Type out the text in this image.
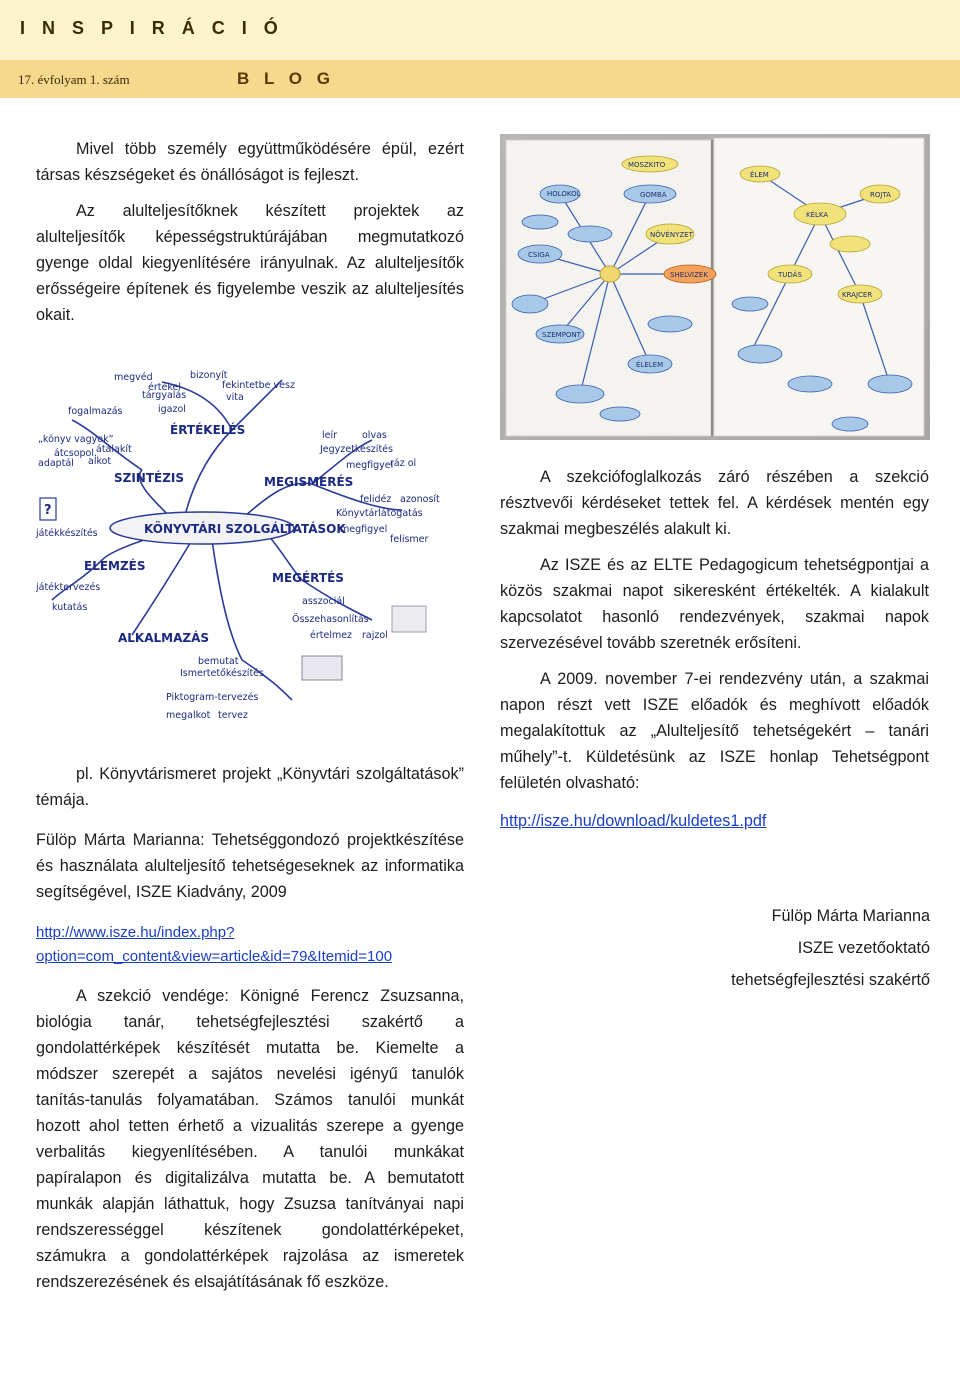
I N S P I R Á C I Ó
17. évfolyam 1. szám	B L O G

Mivel több személy együttműködésére épül, ezért társas készségeket és önállóságot is fejleszt.

Az alulteljesítőknek készített projektek az alulteljesítők képességstruktúrájában megmutatkozó gyenge oldal kiegyenlítésére irányulnak. Az alulteljesítők erősségeire építenek és figyelembe veszik az alulteljesítés okait.

KÖNYVTÁRI SZOLGÁLTATÁSOK
ÉRTÉKELÉS
SZINTÉZIS	MEGISMERÉS
ELEMZÉS
MEGÉRTÉS
ALKALMAZÁS
megvéd	bizonyít
értékel
tárgyalás
fekintetbe vesz
vita
igazol
fogalmazás
„könyv vagyok”
átalakít
átcsopol.
adaptál alkot
leír	olvas
Jegyzetkészítés
megfigyel
ráz ol
felidéz azonosít
Könyvtárlátogatás
megfigyel
felismer
játékkészítés
játéktervezés
kutatás
asszociál
Összehasonlítás
értelmez rajzol
bemutat
Ismertetőkészítés
Piktogram-tervezés
megalkot tervez
?

pl. Könyvtárismeret projekt „Könyvtári szolgáltatások” témája.

Fülöp Márta Marianna: Tehetséggondozó projektkészítése és használata alulteljesítő tehetségeseknek az informatika segítségével, ISZE Kiadvány, 2009

http://www.isze.hu/index.php?
option=com_content&view=article&id=79&Itemid=100

A szekció vendége: Königné Ferencz Zsuzsanna, biológia tanár, tehetségfejlesztési szakértő a gondolattérképek készítését mutatta be. Kiemelte a módszer szerepét a sajátos nevelési igényű tanulók tanítás-tanulás folyamatában. Számos tanulói munkát hozott ahol tetten érhető a vizualitás szerepe a gyenge verbalitás kiegyenlítésében. A tanulói munkákat papíralapon és digitalizálva mutatta be. A bemutatott munkák alapján láthattuk, hogy Zsuzsa tanítványai napi rendszerességgel készítenek gondolattérképeket, számukra a gondolattérképek rajzolása az ismeretek rendszerezésének és elsajátításának fő eszköze.

HOLOKOL
MOSZKITO
NÖVÉNYZET
GOMBA
CSIGA
SZEMPONT
ÉLELEM
SHELVIZEK
KÉLKA
ROJTA
ÉLEM
TUDÁS
KRAJCER

A szekciófoglalkozás záró részében a szekció résztvevői kérdéseket tettek fel. A kérdések mentén egy szakmai megbeszélés alakult ki.

Az ISZE és az ELTE Pedagogicum tehetségpontjai a közös szakmai napot sikeresként értékelték. A kialakult kapcsolatot hasonló rendezvények, szakmai napok szervezésével tovább szeretnék erősíteni.

A 2009. november 7-ei rendezvény után, a szakmai napon részt vett ISZE előadók és meghívott előadók megalakítottuk az „Alulteljesítő tehetségekért – tanári műhely”-t. Küldetésünk az ISZE honlap Tehetségpont felületén olvasható:

http://isze.hu/download/kuldetes1.pdf
Fülöp Márta Marianna
ISZE vezetőoktató
tehetségfejlesztési szakértő
